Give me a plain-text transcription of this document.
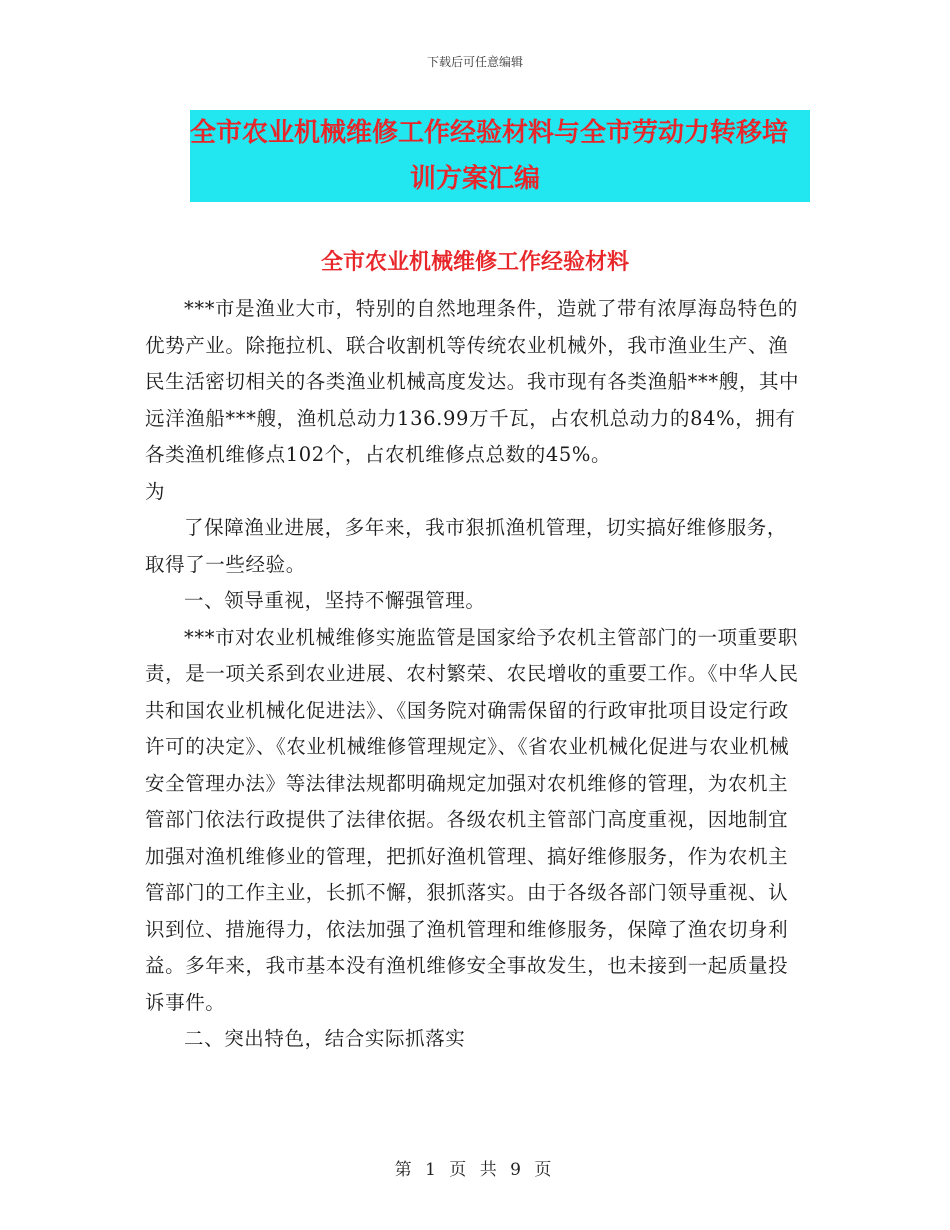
下载后可任意编辑
全市农业机械维修工作经验材料与全市劳动力转移培
训方案汇编
全市农业机械维修工作经验材料

***市是渔业大市，特别的自然地理条件，造就了带有浓厚海岛特色的优势产业。除拖拉机、联合收割机等传统农业机械外，我市渔业生产、渔民生活密切相关的各类渔业机械高度发达。我市现有各类渔船***艘，其中远洋渔船***艘，渔机总动力136.99万千瓦，占农机总动力的84%，拥有各类渔机维修点102个，占农机维修点总数的45%。

为

了保障渔业进展，多年来，我市狠抓渔机管理，切实搞好维修服务，取得了一些经验。

一、领导重视，坚持不懈强管理。

***市对农业机械维修实施监管是国家给予农机主管部门的一项重要职责，是一项关系到农业进展、农村繁荣、农民增收的重要工作。《中华人民共和国农业机械化促进法》、《国务院对确需保留的行政审批项目设定行政许可的决定》、《农业机械维修管理规定》、《省农业机械化促进与农业机械安全管理办法》等法律法规都明确规定加强对农机维修的管理，为农机主管部门依法行政提供了法律依据。各级农机主管部门高度重视，因地制宜加强对渔机维修业的管理，把抓好渔机管理、搞好维修服务，作为农机主管部门的工作主业，长抓不懈，狠抓落实。由于各级各部门领导重视、认识到位、措施得力，依法加强了渔机管理和维修服务，保障了渔农切身利益。多年来，我市基本没有渔机维修安全事故发生，也未接到一起质量投诉事件。

二、突出特色，结合实际抓落实

第 1 页 共 9 页
